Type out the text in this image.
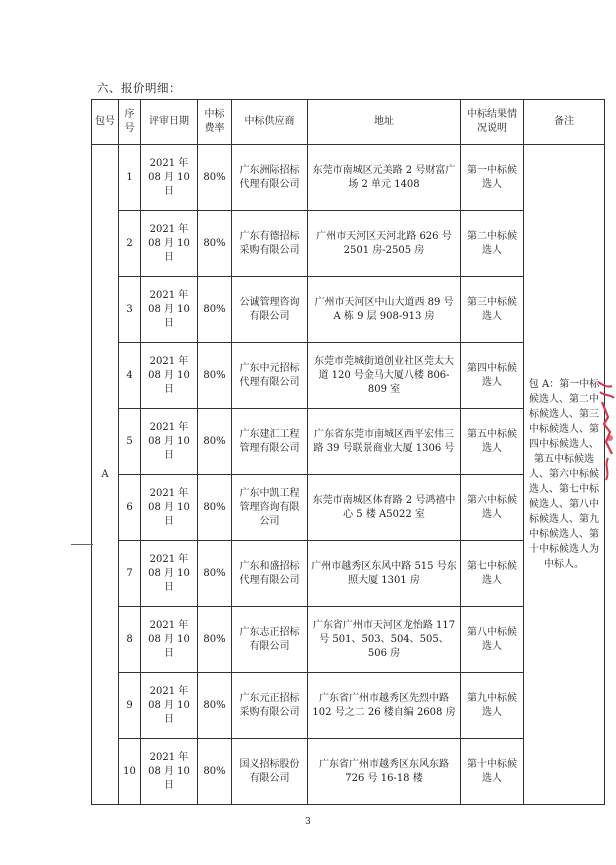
六、报价明细：
包号	序号	评审日期	中标费率	中标供应商	地址	中标结果情况说明	备注
A	1	2021 年 08 月 10 日	80%	广东洲际招标代理有限公司	东莞市南城区元美路 2 号财富广场 2 单元 1408	第一中标候选人	包 A：第一中标候选人、第二中标候选人、第三中标候选人、第四中标候选人、第五中标候选人、第六中标候选人、第七中标候选人、第八中标候选人、第九中标候选人、第十中标候选人为中标人。
	2	2021 年 08 月 10 日	80%	广东有德招标采购有限公司	广州市天河区天河北路 626 号 2501 房-2505 房	第二中标候选人	
	3	2021 年 08 月 10 日	80%	公诚管理咨询有限公司	广州市天河区中山大道西 89 号 A 栋 9 层 908-913 房	第三中标候选人	
	4	2021 年 08 月 10 日	80%	广东中元招标代理有限公司	东莞市莞城街道创业社区莞太大道 120 号金马大厦八楼 806-809 室	第四中标候选人	
	5	2021 年 08 月 10 日	80%	广东建汇工程管理有限公司	广东省东莞市南城区西平宏伟三路 39 号联景商业大厦 1306 号	第五中标候选人	
	6	2021 年 08 月 10 日	80%	广东中凯工程管理咨询有限公司	东莞市南城区体育路 2 号鸿禧中心 5 楼 A5022 室	第六中标候选人	
	7	2021 年 08 月 10 日	80%	广东和盛招标代理有限公司	广州市越秀区东风中路 515 号东照大厦 1301 房	第七中标候选人	
	8	2021 年 08 月 10 日	80%	广东志正招标有限公司	广东省广州市天河区龙怡路 117 号 501、503、504、505、506 房	第八中标候选人	
	9	2021 年 08 月 10 日	80%	广东元正招标采购有限公司	广东省广州市越秀区先烈中路 102 号之二 26 楼自编 2608 房	第九中标候选人	
	10	2021 年 08 月 10 日	80%	国义招标股份有限公司	广东省广州市越秀区东风东路 726 号 16-18 楼	第十中标候选人	
3
